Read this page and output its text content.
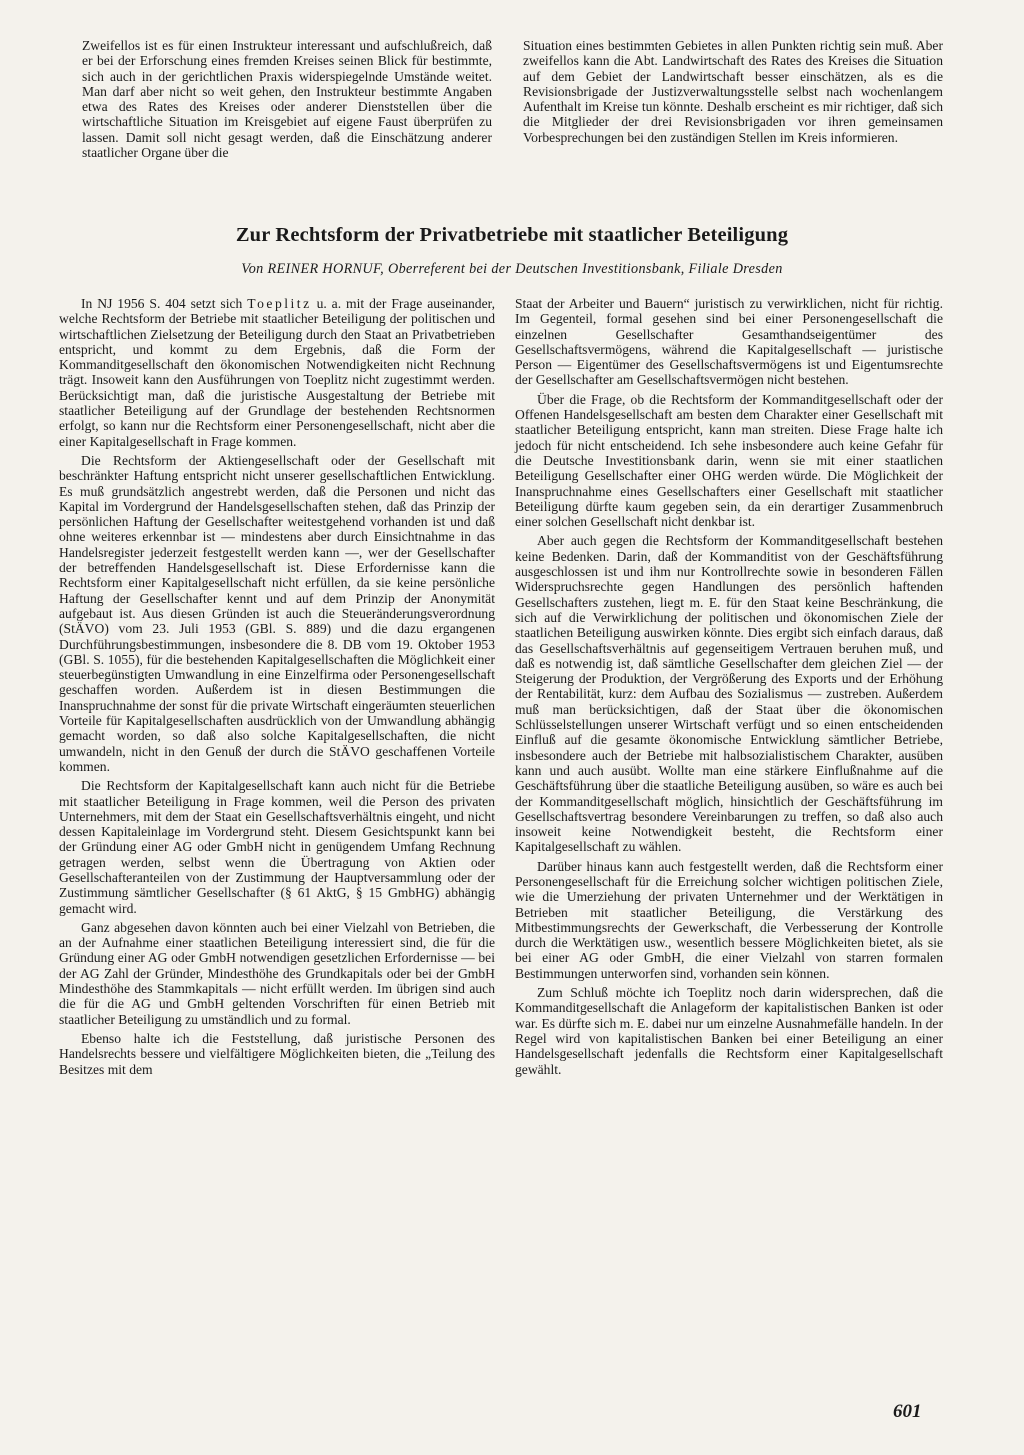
Zweifellos ist es für einen Instrukteur interessant und aufschlußreich, daß er bei der Erforschung eines fremden Kreises seinen Blick für bestimmte, sich auch in der gerichtlichen Praxis widerspiegelnde Umstände weitet. Man darf aber nicht so weit gehen, den Instrukteur bestimmte Angaben etwa des Rates des Kreises oder anderer Dienststellen über die wirtschaftliche Situation im Kreisgebiet auf eigene Faust überprüfen zu lassen. Damit soll nicht gesagt werden, daß die Einschätzung anderer staatlicher Organe über die

Situation eines bestimmten Gebietes in allen Punkten richtig sein muß. Aber zweifellos kann die Abt. Landwirtschaft des Rates des Kreises die Situation auf dem Gebiet der Landwirtschaft besser einschätzen, als es die Revisionsbrigade der Justizverwaltungsstelle selbst nach wochenlangem Aufenthalt im Kreise tun könnte. Deshalb erscheint es mir richtiger, daß sich die Mitglieder der drei Revisionsbrigaden vor ihren gemeinsamen Vorbesprechungen bei den zuständigen Stellen im Kreis informieren.

Zur Rechtsform der Privatbetriebe mit staatlicher Beteiligung
Von REINER HORNUF, Oberreferent bei der Deutschen Investitionsbank, Filiale Dresden

In NJ 1956 S. 404 setzt sich Toeplitz u. a. mit der Frage auseinander, welche Rechtsform der Betriebe mit staatlicher Beteiligung der politischen und wirtschaftlichen Zielsetzung der Beteiligung durch den Staat an Privatbetrieben entspricht, und kommt zu dem Ergebnis, daß die Form der Kommanditgesellschaft den ökonomischen Notwendigkeiten nicht Rechnung trägt. Insoweit kann den Ausführungen von Toeplitz nicht zugestimmt werden. Berücksichtigt man, daß die juristische Ausgestaltung der Betriebe mit staatlicher Beteiligung auf der Grundlage der bestehenden Rechtsnormen erfolgt, so kann nur die Rechtsform einer Personengesellschaft, nicht aber die einer Kapitalgesellschaft in Frage kommen.

Die Rechtsform der Aktiengesellschaft oder der Gesellschaft mit beschränkter Haftung entspricht nicht unserer gesellschaftlichen Entwicklung. Es muß grundsätzlich angestrebt werden, daß die Personen und nicht das Kapital im Vordergrund der Handelsgesellschaften stehen, daß das Prinzip der persönlichen Haftung der Gesellschafter weitestgehend vorhanden ist und daß ohne weiteres erkennbar ist — mindestens aber durch Einsichtnahme in das Handelsregister jederzeit festgestellt werden kann —, wer der Gesellschafter der betreffenden Handelsgesellschaft ist. Diese Erfordernisse kann die Rechtsform einer Kapitalgesellschaft nicht erfüllen, da sie keine persönliche Haftung der Gesellschafter kennt und auf dem Prinzip der Anonymität aufgebaut ist. Aus diesen Gründen ist auch die Steueränderungsverordnung (StÄVO) vom 23. Juli 1953 (GBl. S. 889) und die dazu ergangenen Durchführungsbestimmungen, insbesondere die 8. DB vom 19. Oktober 1953 (GBl. S. 1055), für die bestehenden Kapitalgesellschaften die Möglichkeit einer steuerbegünstigten Umwandlung in eine Einzelfirma oder Personengesellschaft geschaffen worden. Außerdem ist in diesen Bestimmungen die Inanspruchnahme der sonst für die private Wirtschaft eingeräumten steuerlichen Vorteile für Kapitalgesellschaften ausdrücklich von der Umwandlung abhängig gemacht worden, so daß also solche Kapitalgesellschaften, die nicht umwandeln, nicht in den Genuß der durch die StÄVO geschaffenen Vorteile kommen.

Die Rechtsform der Kapitalgesellschaft kann auch nicht für die Betriebe mit staatlicher Beteiligung in Frage kommen, weil die Person des privaten Unternehmers, mit dem der Staat ein Gesellschaftsverhältnis eingeht, und nicht dessen Kapitaleinlage im Vordergrund steht. Diesem Gesichtspunkt kann bei der Gründung einer AG oder GmbH nicht in genügendem Umfang Rechnung getragen werden, selbst wenn die Übertragung von Aktien oder Gesellschafteranteilen von der Zustimmung der Hauptversammlung oder der Zustimmung sämtlicher Gesellschafter (§ 61 AktG, § 15 GmbHG) abhängig gemacht wird.

Ganz abgesehen davon könnten auch bei einer Vielzahl von Betrieben, die an der Aufnahme einer staatlichen Beteiligung interessiert sind, die für die Gründung einer AG oder GmbH notwendigen gesetzlichen Erfordernisse — bei der AG Zahl der Gründer, Mindesthöhe des Grundkapitals oder bei der GmbH Mindesthöhe des Stammkapitals — nicht erfüllt werden. Im übrigen sind auch die für die AG und GmbH geltenden Vorschriften für einen Betrieb mit staatlicher Beteiligung zu umständlich und zu formal.

Ebenso halte ich die Feststellung, daß juristische Personen des Handelsrechts bessere und vielfältigere Möglichkeiten bieten, die „Teilung des Besitzes mit dem

Staat der Arbeiter und Bauern“ juristisch zu verwirklichen, nicht für richtig. Im Gegenteil, formal gesehen sind bei einer Personengesellschaft die einzelnen Gesellschafter Gesamthandseigentümer des Gesellschaftsvermögens, während die Kapitalgesellschaft — juristische Person — Eigentümer des Gesellschaftsvermögens ist und Eigentumsrechte der Gesellschafter am Gesellschaftsvermögen nicht bestehen.

Über die Frage, ob die Rechtsform der Kommanditgesellschaft oder der Offenen Handelsgesellschaft am besten dem Charakter einer Gesellschaft mit staatlicher Beteiligung entspricht, kann man streiten. Diese Frage halte ich jedoch für nicht entscheidend. Ich sehe insbesondere auch keine Gefahr für die Deutsche Investitionsbank darin, wenn sie mit einer staatlichen Beteiligung Gesellschafter einer OHG werden würde. Die Möglichkeit der Inanspruchnahme eines Gesellschafters einer Gesellschaft mit staatlicher Beteiligung dürfte kaum gegeben sein, da ein derartiger Zusammenbruch einer solchen Gesellschaft nicht denkbar ist.

Aber auch gegen die Rechtsform der Kommanditgesellschaft bestehen keine Bedenken. Darin, daß der Kommanditist von der Geschäftsführung ausgeschlossen ist und ihm nur Kontrollrechte sowie in besonderen Fällen Widerspruchsrechte gegen Handlungen des persönlich haftenden Gesellschafters zustehen, liegt m. E. für den Staat keine Beschränkung, die sich auf die Verwirklichung der politischen und ökonomischen Ziele der staatlichen Beteiligung auswirken könnte. Dies ergibt sich einfach daraus, daß das Gesellschaftsverhältnis auf gegenseitigem Vertrauen beruhen muß, und daß es notwendig ist, daß sämtliche Gesellschafter dem gleichen Ziel — der Steigerung der Produktion, der Vergrößerung des Exports und der Erhöhung der Rentabilität, kurz: dem Aufbau des Sozialismus — zustreben. Außerdem muß man berücksichtigen, daß der Staat über die ökonomischen Schlüsselstellungen unserer Wirtschaft verfügt und so einen entscheidenden Einfluß auf die gesamte ökonomische Entwicklung sämtlicher Betriebe, insbesondere auch der Betriebe mit halbsozialistischem Charakter, ausüben kann und auch ausübt. Wollte man eine stärkere Einflußnahme auf die Geschäftsführung über die staatliche Beteiligung ausüben, so wäre es auch bei der Kommanditgesellschaft möglich, hinsichtlich der Geschäftsführung im Gesellschaftsvertrag besondere Vereinbarungen zu treffen, so daß also auch insoweit keine Notwendigkeit besteht, die Rechtsform einer Kapitalgesellschaft zu wählen.

Darüber hinaus kann auch festgestellt werden, daß die Rechtsform einer Personengesellschaft für die Erreichung solcher wichtigen politischen Ziele, wie die Umerziehung der privaten Unternehmer und der Werktätigen in Betrieben mit staatlicher Beteiligung, die Verstärkung des Mitbestimmungsrechts der Gewerkschaft, die Verbesserung der Kontrolle durch die Werktätigen usw., wesentlich bessere Möglichkeiten bietet, als sie bei einer AG oder GmbH, die einer Vielzahl von starren formalen Bestimmungen unterworfen sind, vorhanden sein können.

Zum Schluß möchte ich Toeplitz noch darin widersprechen, daß die Kommanditgesellschaft die Anlageform der kapitalistischen Banken ist oder war. Es dürfte sich m. E. dabei nur um einzelne Ausnahmefälle handeln. In der Regel wird von kapitalistischen Banken bei einer Beteiligung an einer Handelsgesellschaft jedenfalls die Rechtsform einer Kapitalgesellschaft gewählt.

601
